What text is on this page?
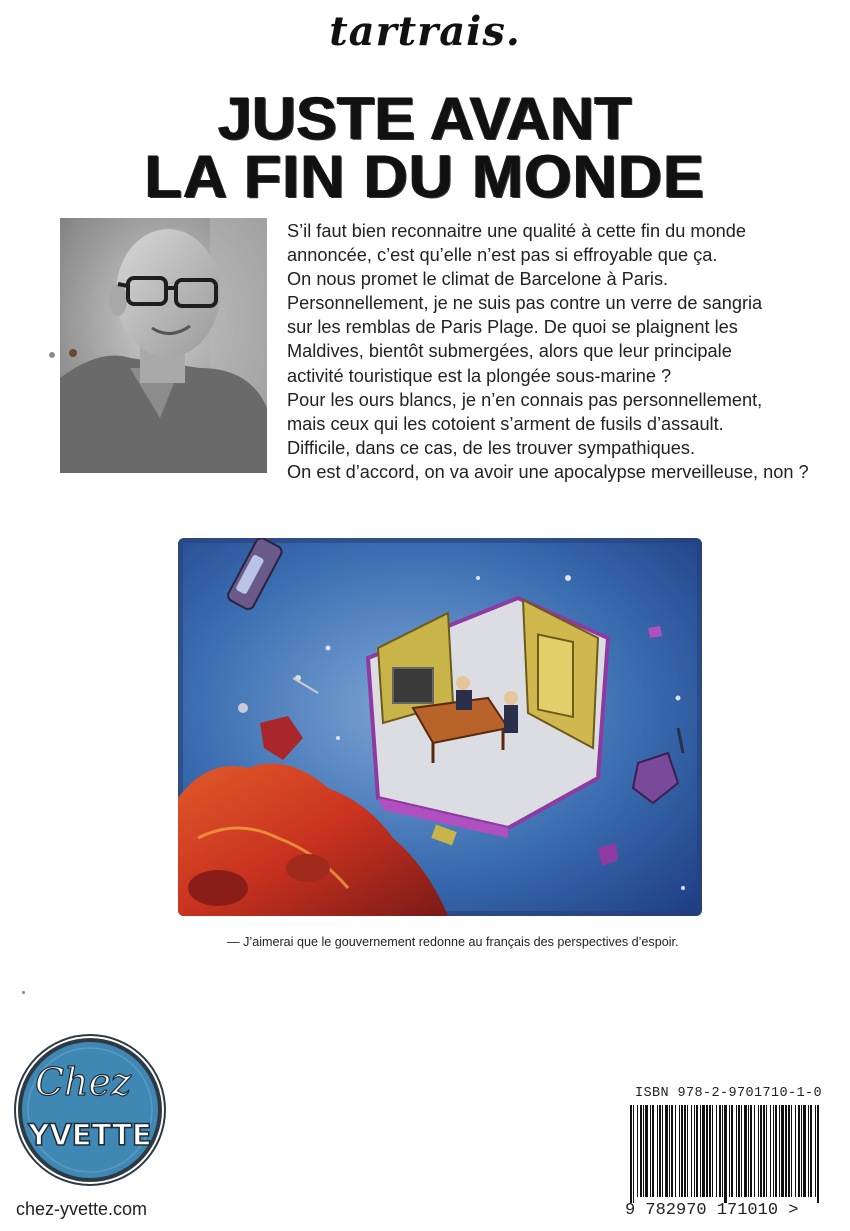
tartrais.
JUSTE AVANT
LA FIN DU MONDE
S’il faut bien reconnaitre une qualité à cette fin du monde
annoncée, c’est qu’elle n’est pas si effroyable que ça.
On nous promet le climat de Barcelone à Paris.
Personnellement, je ne suis pas contre un verre de sangria
sur les remblas de Paris Plage. De quoi se plaignent les
Maldives, bientôt submergées, alors que leur principale
activité touristique est la plongée sous-marine ?
Pour les ours blancs, je n’en connais pas personnellement,
mais ceux qui les cotoient s’arment de fusils d’assault.
Difficile, dans ce cas, de les trouver sympathiques.
On est d’accord, on va avoir une apocalypse merveilleuse, non ?
— J’aimerai que le gouvernement redonne au français des perspectives d’espoir.
Chez
YVETTE
chez-yvette.com
ISBN 978-2-9701710-1-0
9 782970 171010 >
